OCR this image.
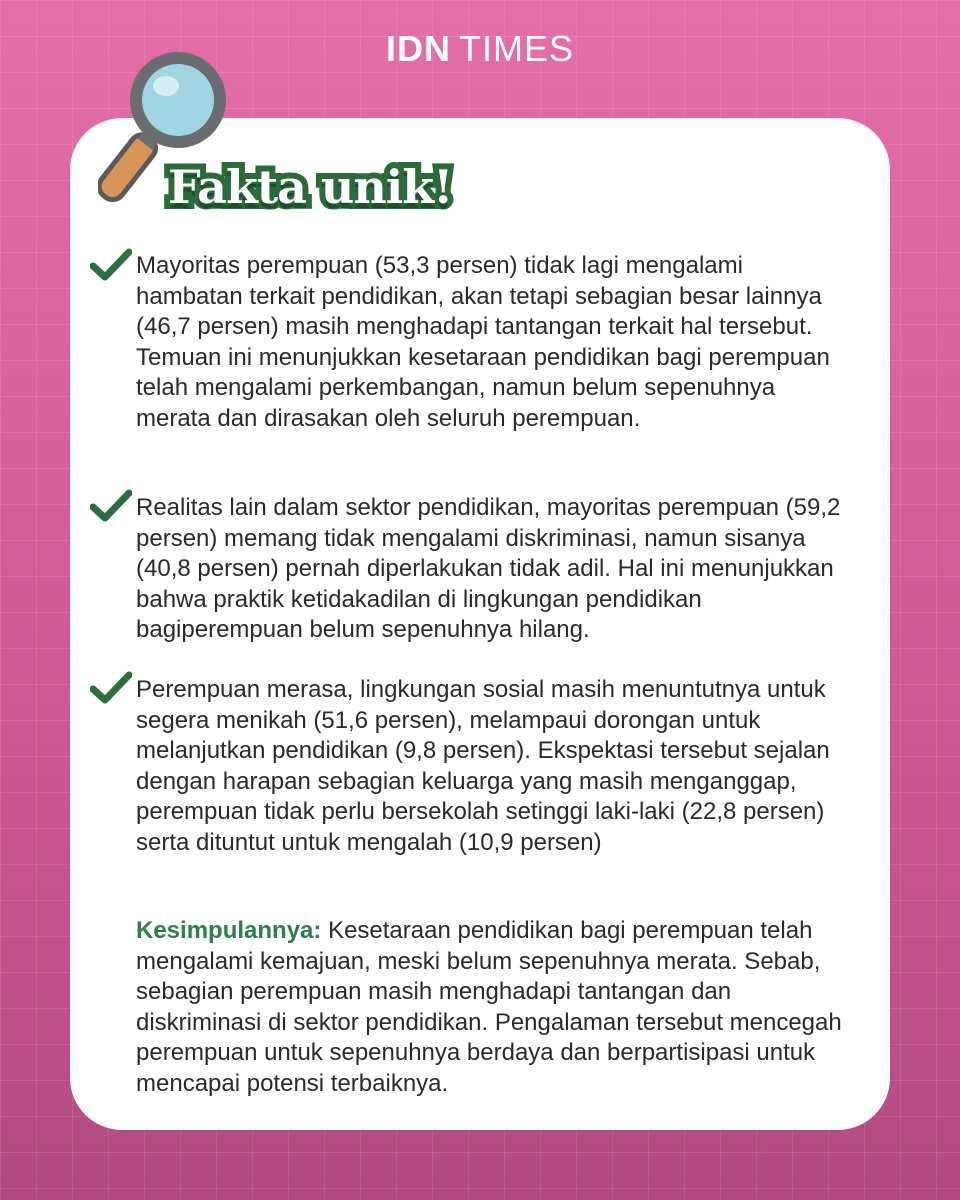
IDN TIMES
Fakta unik!

Mayoritas perempuan (53,3 persen) tidak lagi mengalami hambatan terkait pendidikan, akan tetapi sebagian besar lainnya (46,7 persen) masih menghadapi tantangan terkait hal tersebut. Temuan ini menunjukkan kesetaraan pendidikan bagi perempuan telah mengalami perkembangan, namun belum sepenuhnya merata dan dirasakan oleh seluruh perempuan.

Realitas lain dalam sektor pendidikan, mayoritas perempuan (59,2 persen) memang tidak mengalami diskriminasi, namun sisanya (40,8 persen) pernah diperlakukan tidak adil. Hal ini menunjukkan bahwa praktik ketidakadilan di lingkungan pendidikan bagiperempuan belum sepenuhnya hilang.

Perempuan merasa, lingkungan sosial masih menuntutnya untuk segera menikah (51,6 persen), melampaui dorongan untuk melanjutkan pendidikan (9,8 persen). Ekspektasi tersebut sejalan dengan harapan sebagian keluarga yang masih menganggap, perempuan tidak perlu bersekolah setinggi laki-laki (22,8 persen) serta dituntut untuk mengalah (10,9 persen)

Kesimpulannya: Kesetaraan pendidikan bagi perempuan telah mengalami kemajuan, meski belum sepenuhnya merata. Sebab, sebagian perempuan masih menghadapi tantangan dan diskriminasi di sektor pendidikan. Pengalaman tersebut mencegah perempuan untuk sepenuhnya berdaya dan berpartisipasi untuk mencapai potensi terbaiknya.
